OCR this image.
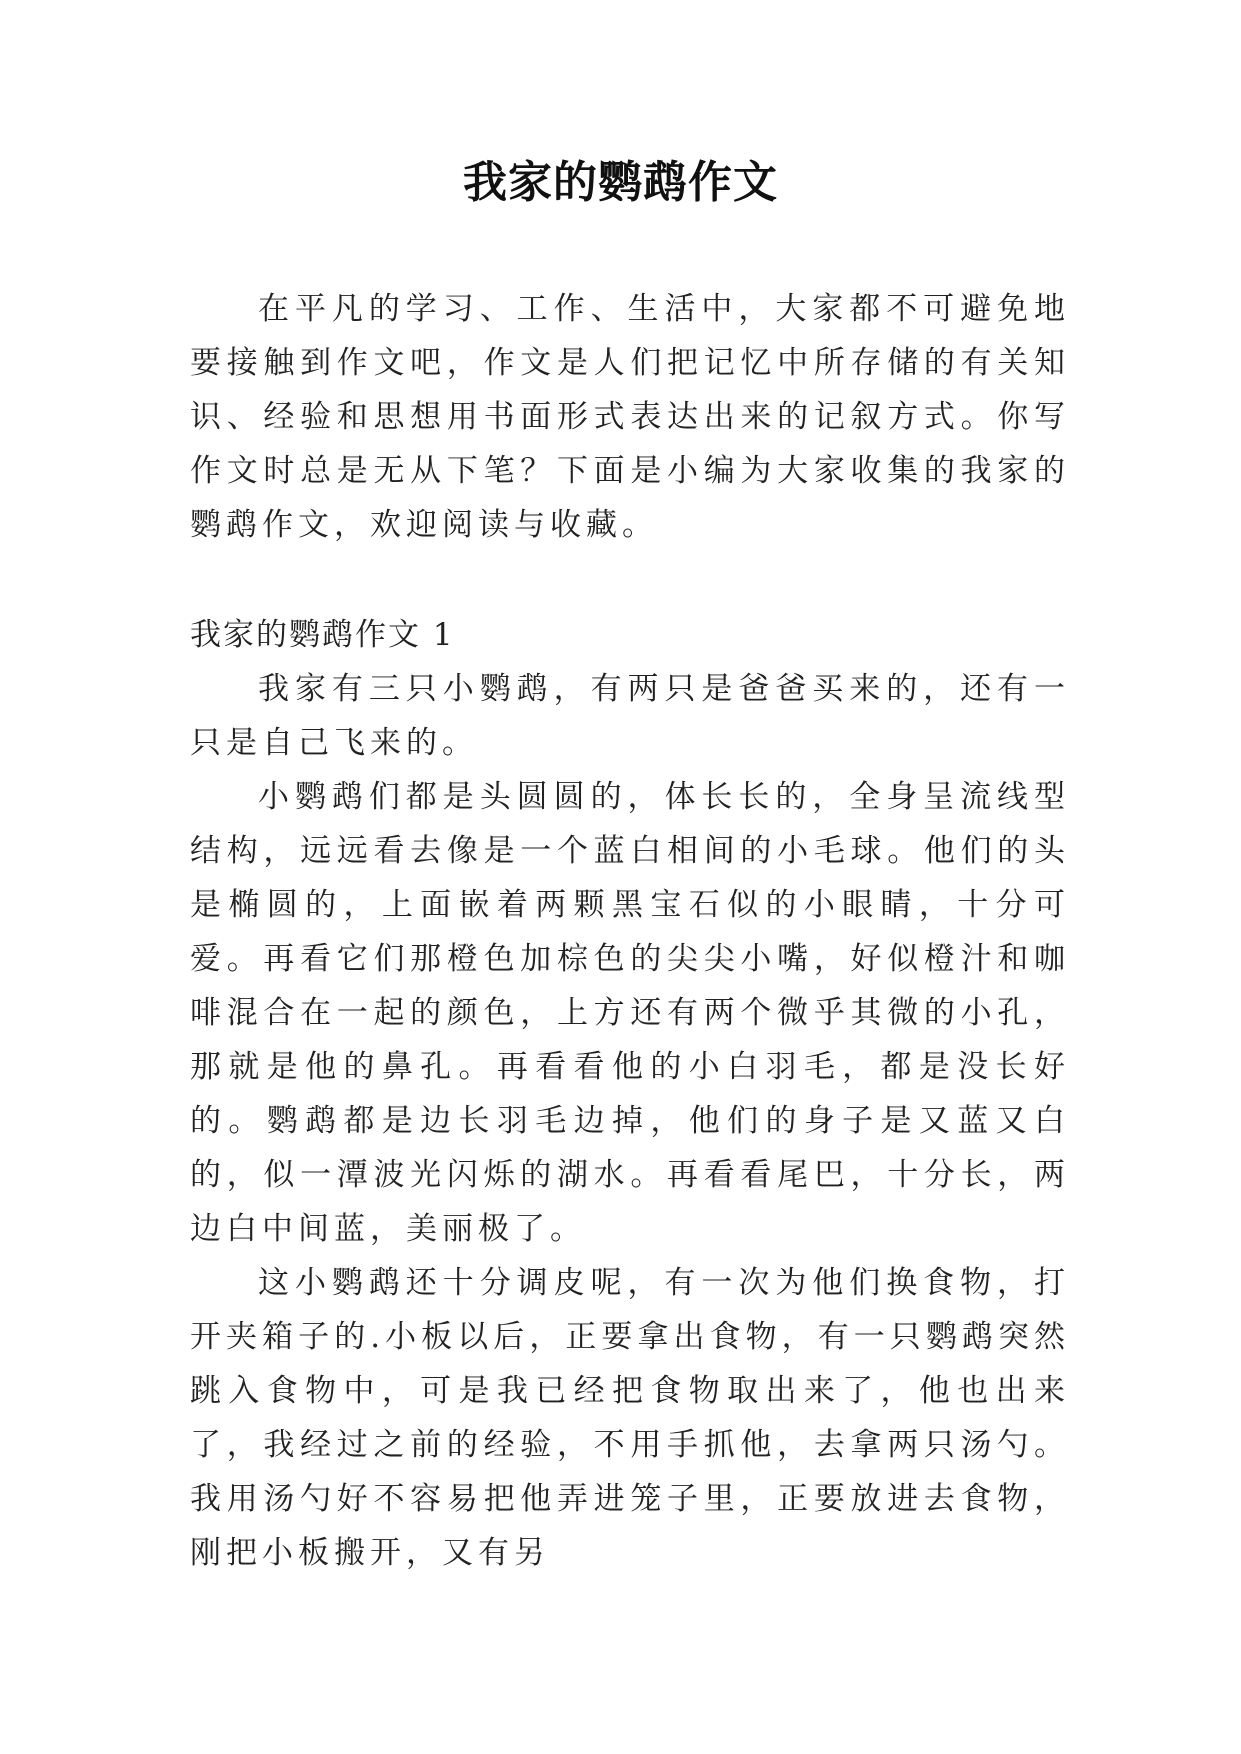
我家的鹦鹉作文

在平凡的学习、工作、生活中，大家都不可避免地要接触到作文吧，作文是人们把记忆中所存储的有关知识、经验和思想用书面形式表达出来的记叙方式。你写作文时总是无从下笔？下面是小编为大家收集的我家的鹦鹉作文，欢迎阅读与收藏。

我家的鹦鹉作文 1

我家有三只小鹦鹉，有两只是爸爸买来的，还有一只是自己飞来的。

小鹦鹉们都是头圆圆的，体长长的，全身呈流线型结构，远远看去像是一个蓝白相间的小毛球。他们的头是椭圆的，上面嵌着两颗黑宝石似的小眼睛，十分可爱。再看它们那橙色加棕色的尖尖小嘴，好似橙汁和咖啡混合在一起的颜色，上方还有两个微乎其微的小孔，那就是他的鼻孔。再看看他的小白羽毛，都是没长好的。鹦鹉都是边长羽毛边掉，他们的身子是又蓝又白的，似一潭波光闪烁的湖水。再看看尾巴，十分长，两边白中间蓝，美丽极了。

这小鹦鹉还十分调皮呢，有一次为他们换食物，打开夹箱子的.小板以后，正要拿出食物，有一只鹦鹉突然跳入食物中，可是我已经把食物取出来了，他也出来了，我经过之前的经验，不用手抓他，去拿两只汤勺。我用汤勺好不容易把他弄进笼子里，正要放进去食物，刚把小板搬开，又有另
